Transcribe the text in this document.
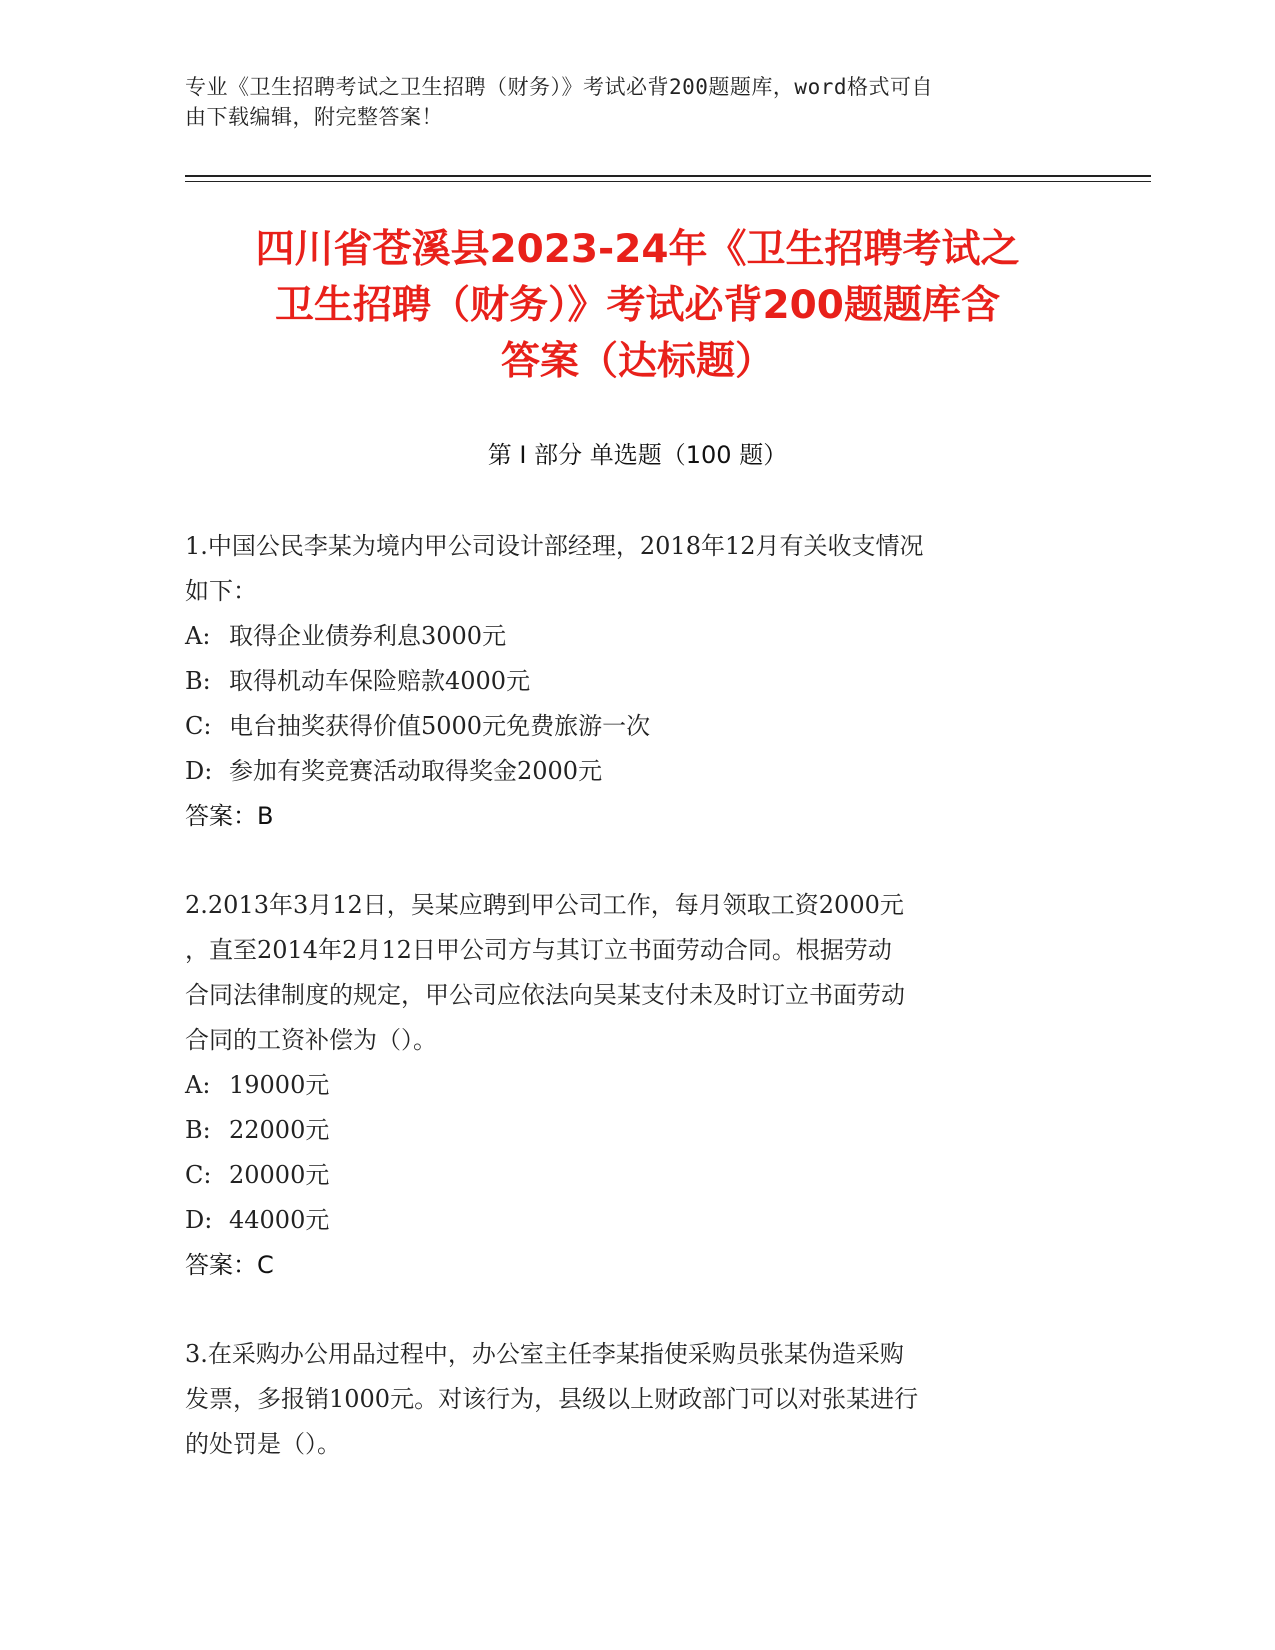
专业《卫生招聘考试之卫生招聘（财务）》考试必背200题题库，word格式可自
由下载编辑，附完整答案！
四川省苍溪县2023-24年《卫生招聘考试之
卫生招聘（财务）》考试必背200题题库含
答案（达标题）
第 I 部分 单选题（100 题）
1.中国公民李某为境内甲公司设计部经理，2018年12月有关收支情况
如下：
A: 取得企业债券利息3000元
B: 取得机动车保险赔款4000元
C: 电台抽奖获得价值5000元免费旅游一次
D: 参加有奖竞赛活动取得奖金2000元
答案：B
2.2013年3月12日，吴某应聘到甲公司工作，每月领取工资2000元
，直至2014年2月12日甲公司方与其订立书面劳动合同。根据劳动
合同法律制度的规定，甲公司应依法向吴某支付未及时订立书面劳动
合同的工资补偿为（）。
A: 19000元
B: 22000元
C: 20000元
D: 44000元
答案：C
3.在采购办公用品过程中，办公室主任李某指使采购员张某伪造采购
发票，多报销1000元。对该行为，县级以上财政部门可以对张某进行
的处罚是（）。
